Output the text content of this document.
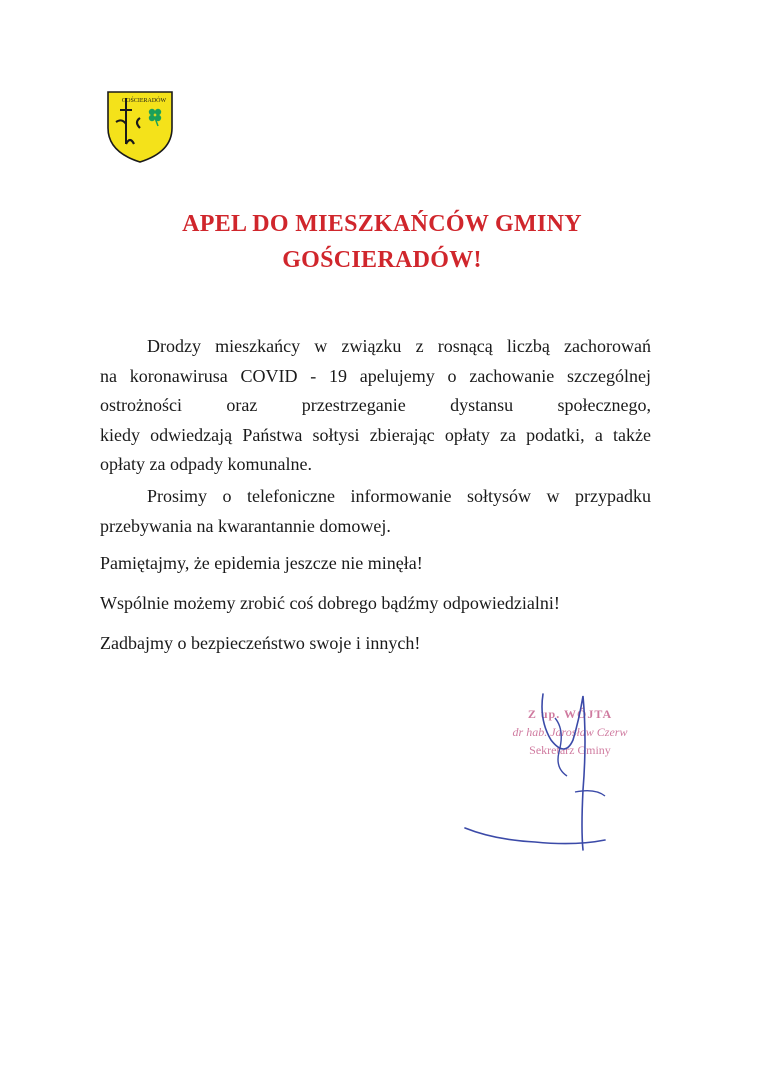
GOŚCIERADÓW
APEL DO MIESZKAŃCÓW GMINY
GOŚCIERADÓW!
Drodzy mieszkańcy w związku z rosnącą liczbą zachorowań
na koronawirusa COVID - 19 apelujemy o zachowanie szczególnej
ostrożności oraz przestrzeganie dystansu społecznego,
kiedy odwiedzają Państwa sołtysi zbierając opłaty za podatki, a także
opłaty za odpady komunalne.
Prosimy o telefoniczne informowanie sołtysów w przypadku
przebywania na kwarantannie domowej.
Pamiętajmy, że epidemia jeszcze nie minęła!
Wspólnie możemy zrobić coś dobrego bądźmy odpowiedzialni!
Zadbajmy o bezpieczeństwo swoje i innych!
Z up. WÓJTA
dr hab. Jarosław Czerw
Sekretarz Gminy
